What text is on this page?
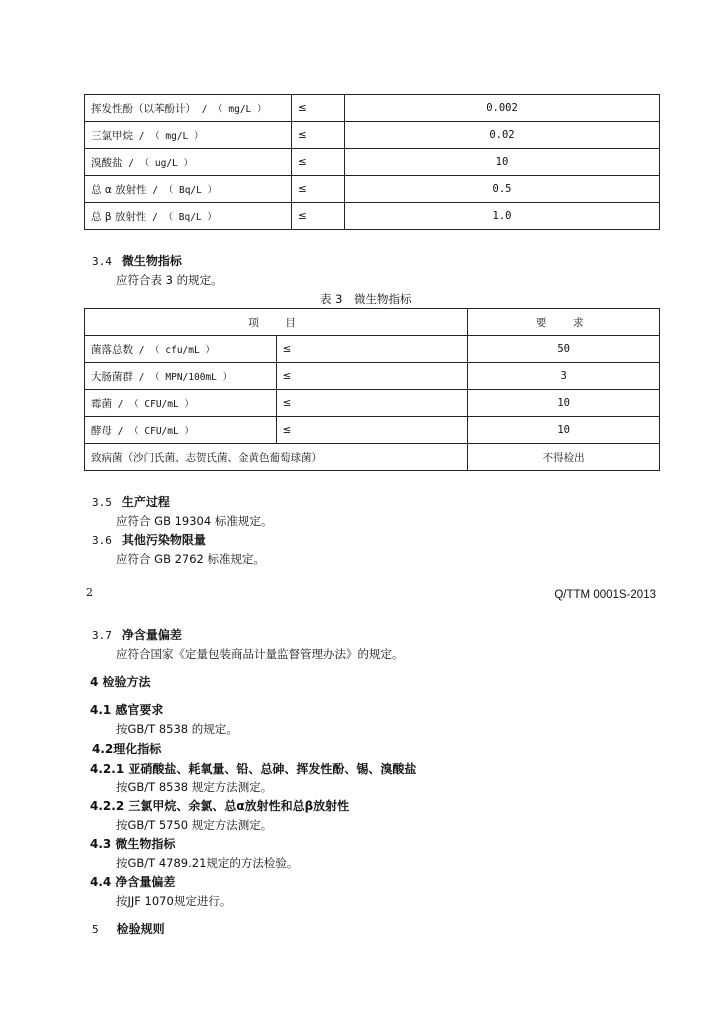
挥发性酚（以苯酚计） / （ mg/L ）	≤	0.002
三氯甲烷 / （ mg/L ）	≤	0.02
溴酸盐 / （ ug/L ）	≤	10
总 α 放射性 / （ Bq/L ）	≤	0.5
总 β 放射性 / （ Bq/L ）	≤	1.0
3.4 微生物指标
应符合表 3 的规定。
表 3　微生物指标
项　目		要　求
菌落总数 / （ cfu/mL ）	≤	50
大肠菌群 / （ MPN/100mL ）	≤	3
霉菌 / （ CFU/mL ）	≤	10
酵母 / （ CFU/mL ）	≤	10
致病菌（沙门氏菌、志贺氏菌、金黄色葡萄球菌）		不得检出
3.5 生产过程
应符合 GB 19304 标准规定。
3.6 其他污染物限量
应符合 GB 2762 标准规定。
2	Q/TTM 0001S-2013
3.7 净含量偏差
应符合国家《定量包装商品计量监督管理办法》的规定。
4 检验方法
4.1 感官要求
按GB/T 8538 的规定。
4.2理化指标
4.2.1 亚硝酸盐、耗氧量、铅、总砷、挥发性酚、锡、溴酸盐
按GB/T 8538 规定方法测定。
4.2.2 三氯甲烷、余氯、总α放射性和总β放射性
按GB/T 5750 规定方法测定。
4.3 微生物指标
按GB/T 4789.21规定的方法检验。
4.4 净含量偏差
按JJF 1070规定进行。
5 检验规则
